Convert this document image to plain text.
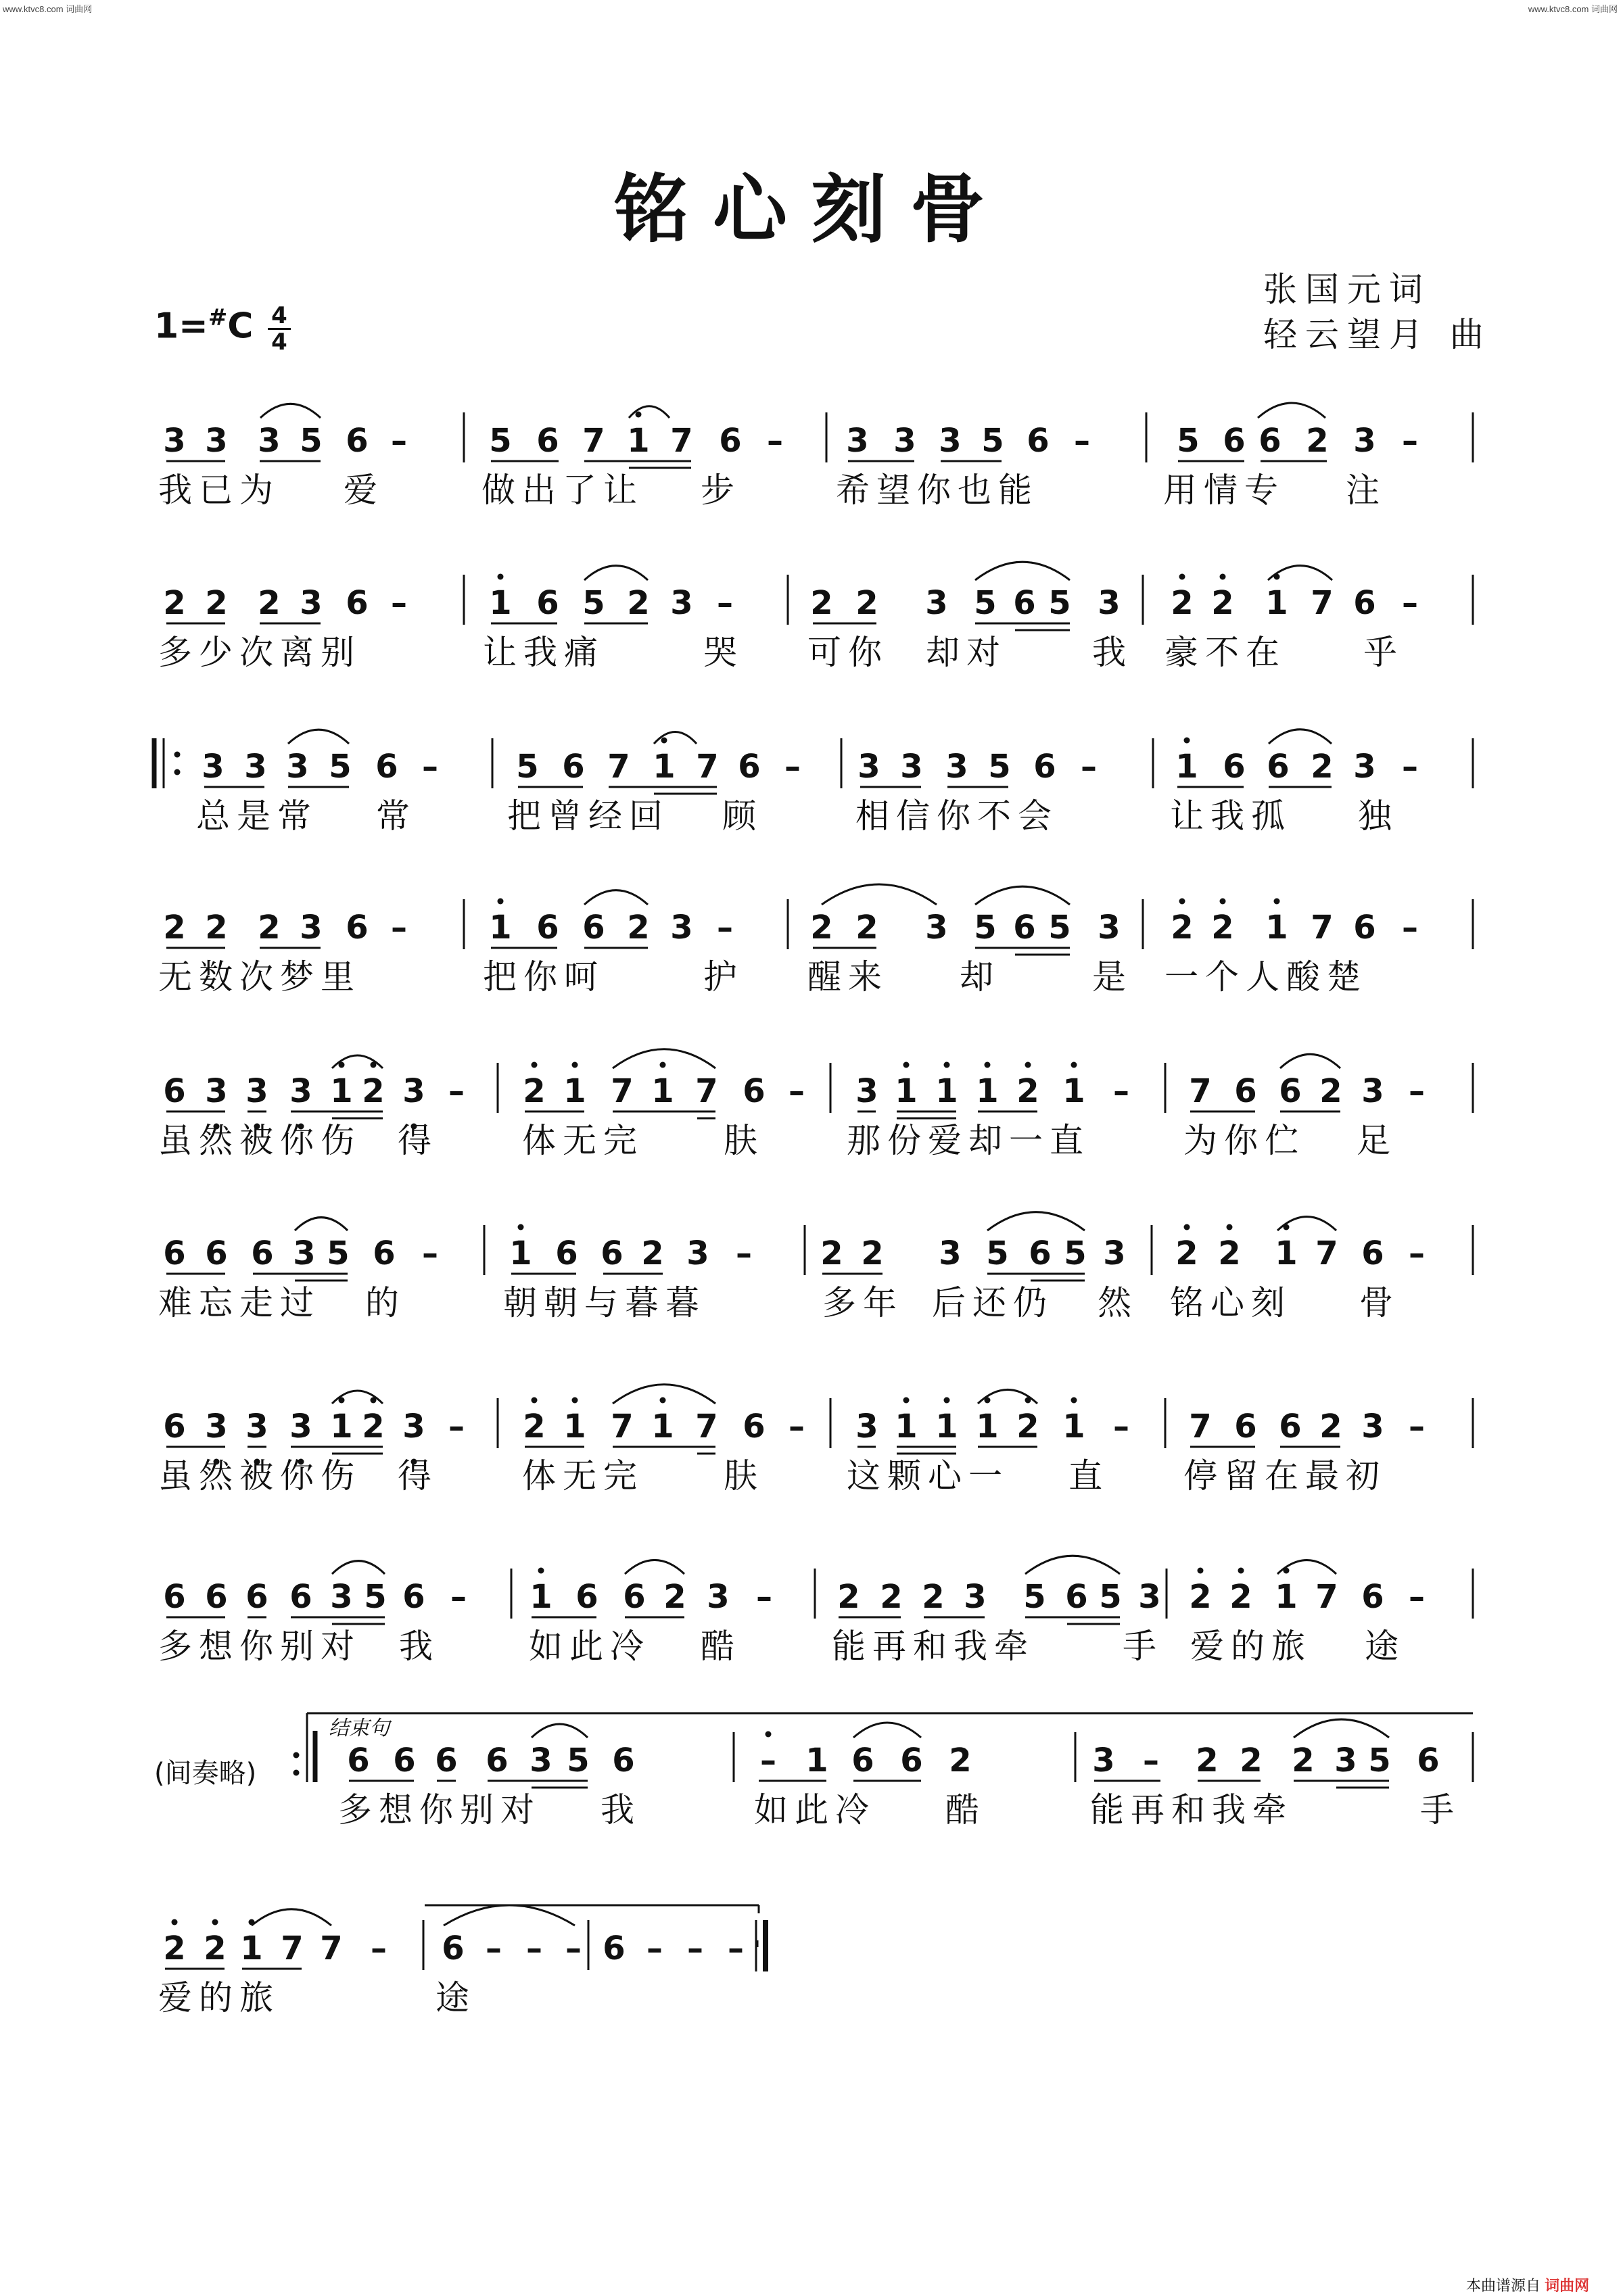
www.ktvc8.com 词曲网	www.ktvc8.com 词曲网
铭心刻骨
张国元词
轻云望月 曲
1=#C 4
4
3 3 3 5 6 –	5 6 7 1 7 6 – 3 3 3 5 6 –	5 6 6 2 3 –
我已为 爱	做出了让 步	希望你也能	用情专 注
2 2 2 3 6 –	1 6 5 2 3 – 2 2 3 5 6 5 3 2 2 1 7 6 –
多少次离别	让我痛	哭 可你 却对	我 豪不在 乎
3 3 3 5 6 – 5 6 7 1 7 6 – 3 3 3 5 6 – 1 6 6 2 3 –
总是常 常	把曾经回 顾	相信你不会	让我孤 独
2 2 2 3 6 –	1 6 6 2 3 – 2 2 3 5 6 5 3 2 2 1 7 6 –
无数次梦里	把你呵	护 醒来 却	是 一个人酸楚
6 3 3 3 1 2 3 – 2 1 7 1 7 6 – 3 1 1 1 2 1 – 7 6 6 2 3 –
虽然被你伤 得 体无完 肤 那份爱却一直	为你伫 足
6 6 6 3 5 6 – 1 6 6 2 3 – 2 2 3 5 6 5 3 2 2 1 7 6 –
难忘走过 的	朝朝与暮暮	多年 后还仍 然 铭心刻 骨
6 3 3 3 1 2 3 – 2 1 7 1 7 6 – 3 1 1 1 2 1 – 7 6 6 2 3 –
虽然被你伤 得 体无完 肤 这颗心一 直 停留在最初
6 6 6 6 3 5 6 – 1 6 6 2 3 – 2 2 2 3 5 6 5 3 2 2 1 7 6 –
多想你别对 我	如此冷 酷	能再和我牵	手 爱的旅 途
6 6 6 6 3 5 6	– 1 6 6 2	3 – 2 2 2 3 5 6
多想你别对 我	如此冷 酷	能再和我牵	手
2 2 1 7 7 – 6 – – – 6 – – –
爱的旅	途
(间奏略)
结束句
本曲谱源自 词曲网
